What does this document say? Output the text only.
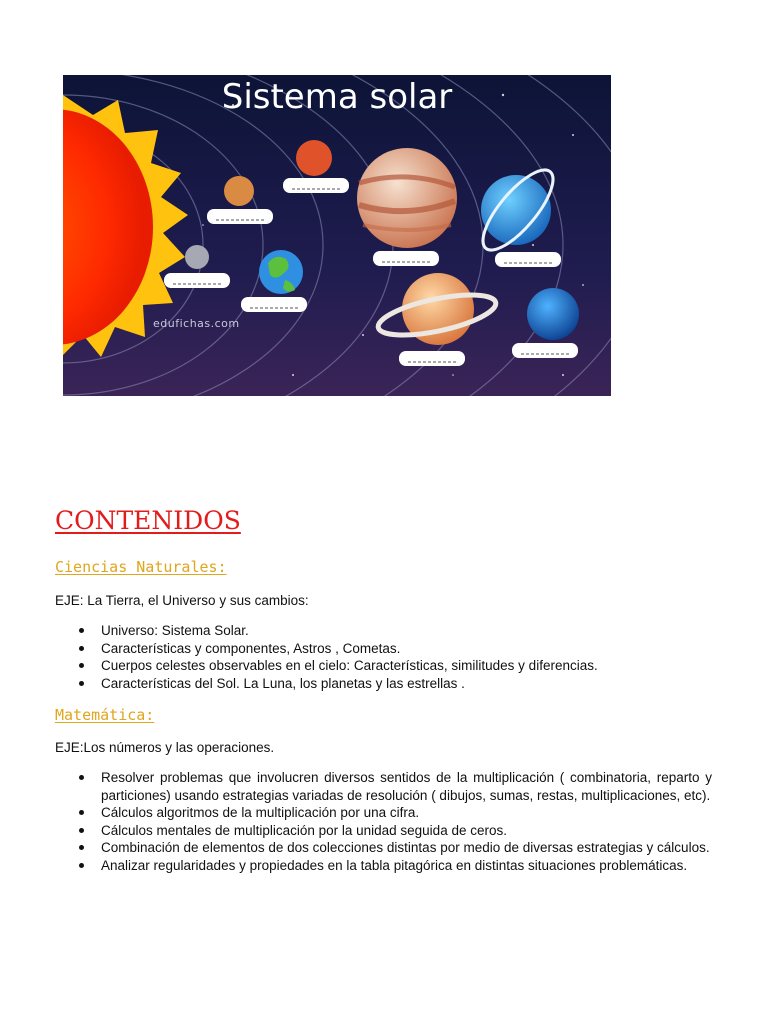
Sistema solar
edufichas.com
CONTENIDOS
Ciencias Naturales:

EJE: La Tierra, el Universo y sus cambios:

Universo: Sistema Solar.
Características y componentes, Astros , Cometas.
Cuerpos celestes observables en el cielo: Características, similitudes y diferencias.
Características del Sol. La Luna, los planetas y las estrellas .
Matemática:

EJE:Los números y las operaciones.

Resolver problemas que involucren diversos sentidos de la multiplicación ( combinatoria, reparto y particiones) usando estrategias variadas de resolución ( dibujos, sumas, restas, multiplicaciones, etc).
Cálculos algoritmos de la multiplicación por una cifra.
Cálculos mentales de multiplicación por la unidad seguida de ceros.
Combinación de elementos de dos colecciones distintas por medio de diversas estrategias y cálculos.
Analizar regularidades y propiedades en la tabla pitagórica en distintas situaciones problemáticas.
